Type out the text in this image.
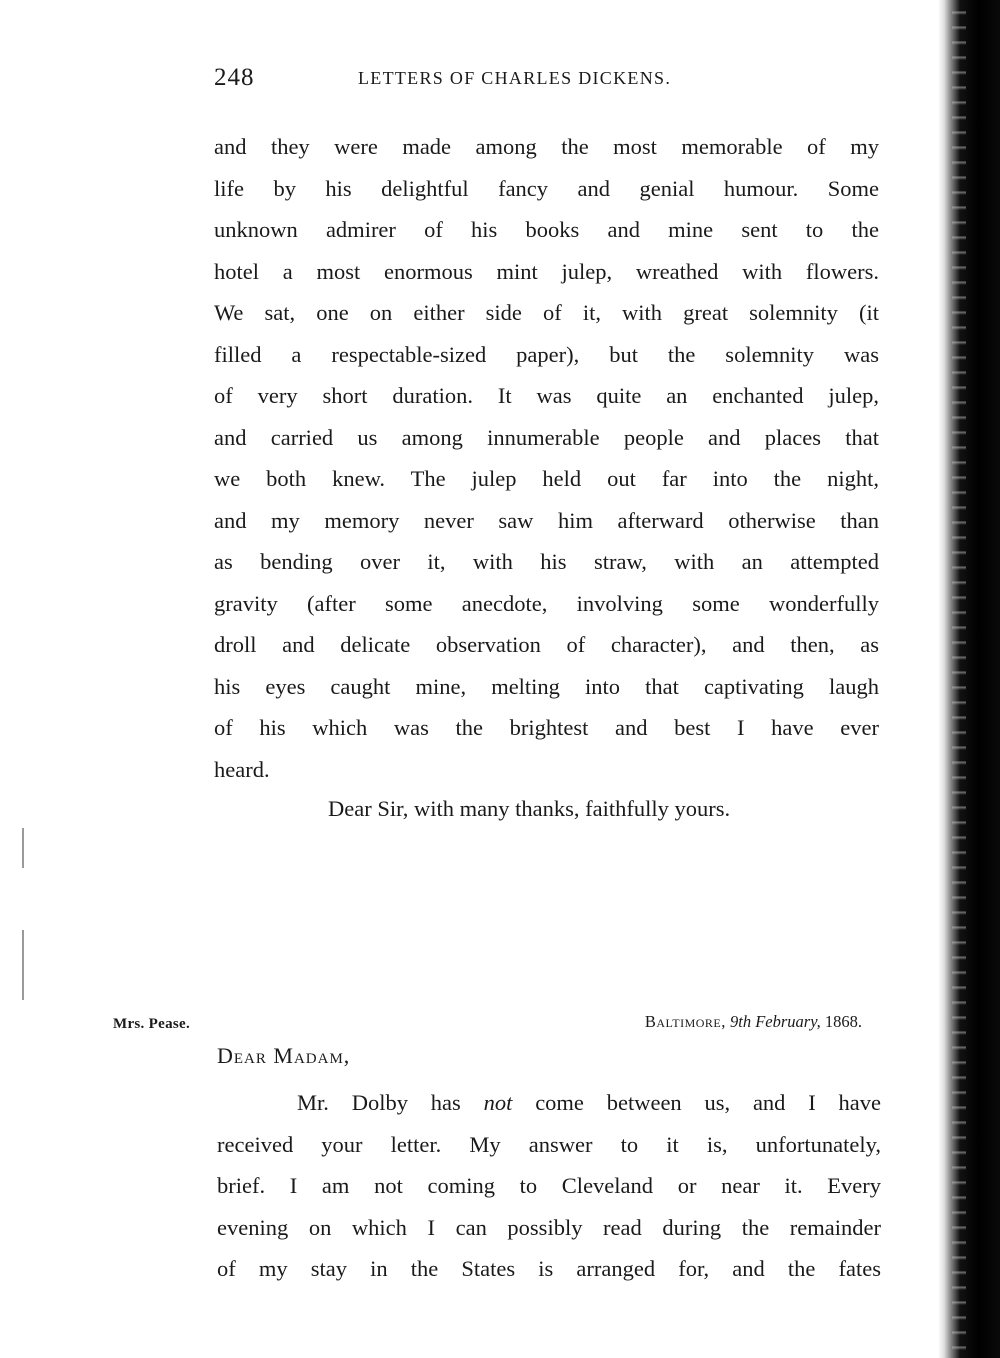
248	LETTERS OF CHARLES DICKENS.
and they were made among the most memorable of my
life by his delightful fancy and genial humour. Some
unknown admirer of his books and mine sent to the
hotel a most enormous mint julep, wreathed with flowers.
We sat, one on either side of it, with great solemnity (it
filled a respectable-sized paper), but the solemnity was
of very short duration. It was quite an enchanted julep,
and carried us among innumerable people and places that
we both knew. The julep held out far into the night,
and my memory never saw him afterward otherwise than
as bending over it, with his straw, with an attempted
gravity (after some anecdote, involving some wonderfully
droll and delicate observation of character), and then, as
his eyes caught mine, melting into that captivating laugh
of his which was the brightest and best I have ever
heard.
Dear Sir, with many thanks, faithfully yours.
Mrs. Pease.	Baltimore, 9th February, 1868.
Dear Madam,
Mr. Dolby has not come between us, and I have
received your letter. My answer to it is, unfortunately,
brief. I am not coming to Cleveland or near it. Every
evening on which I can possibly read during the remainder
of my stay in the States is arranged for, and the fates
